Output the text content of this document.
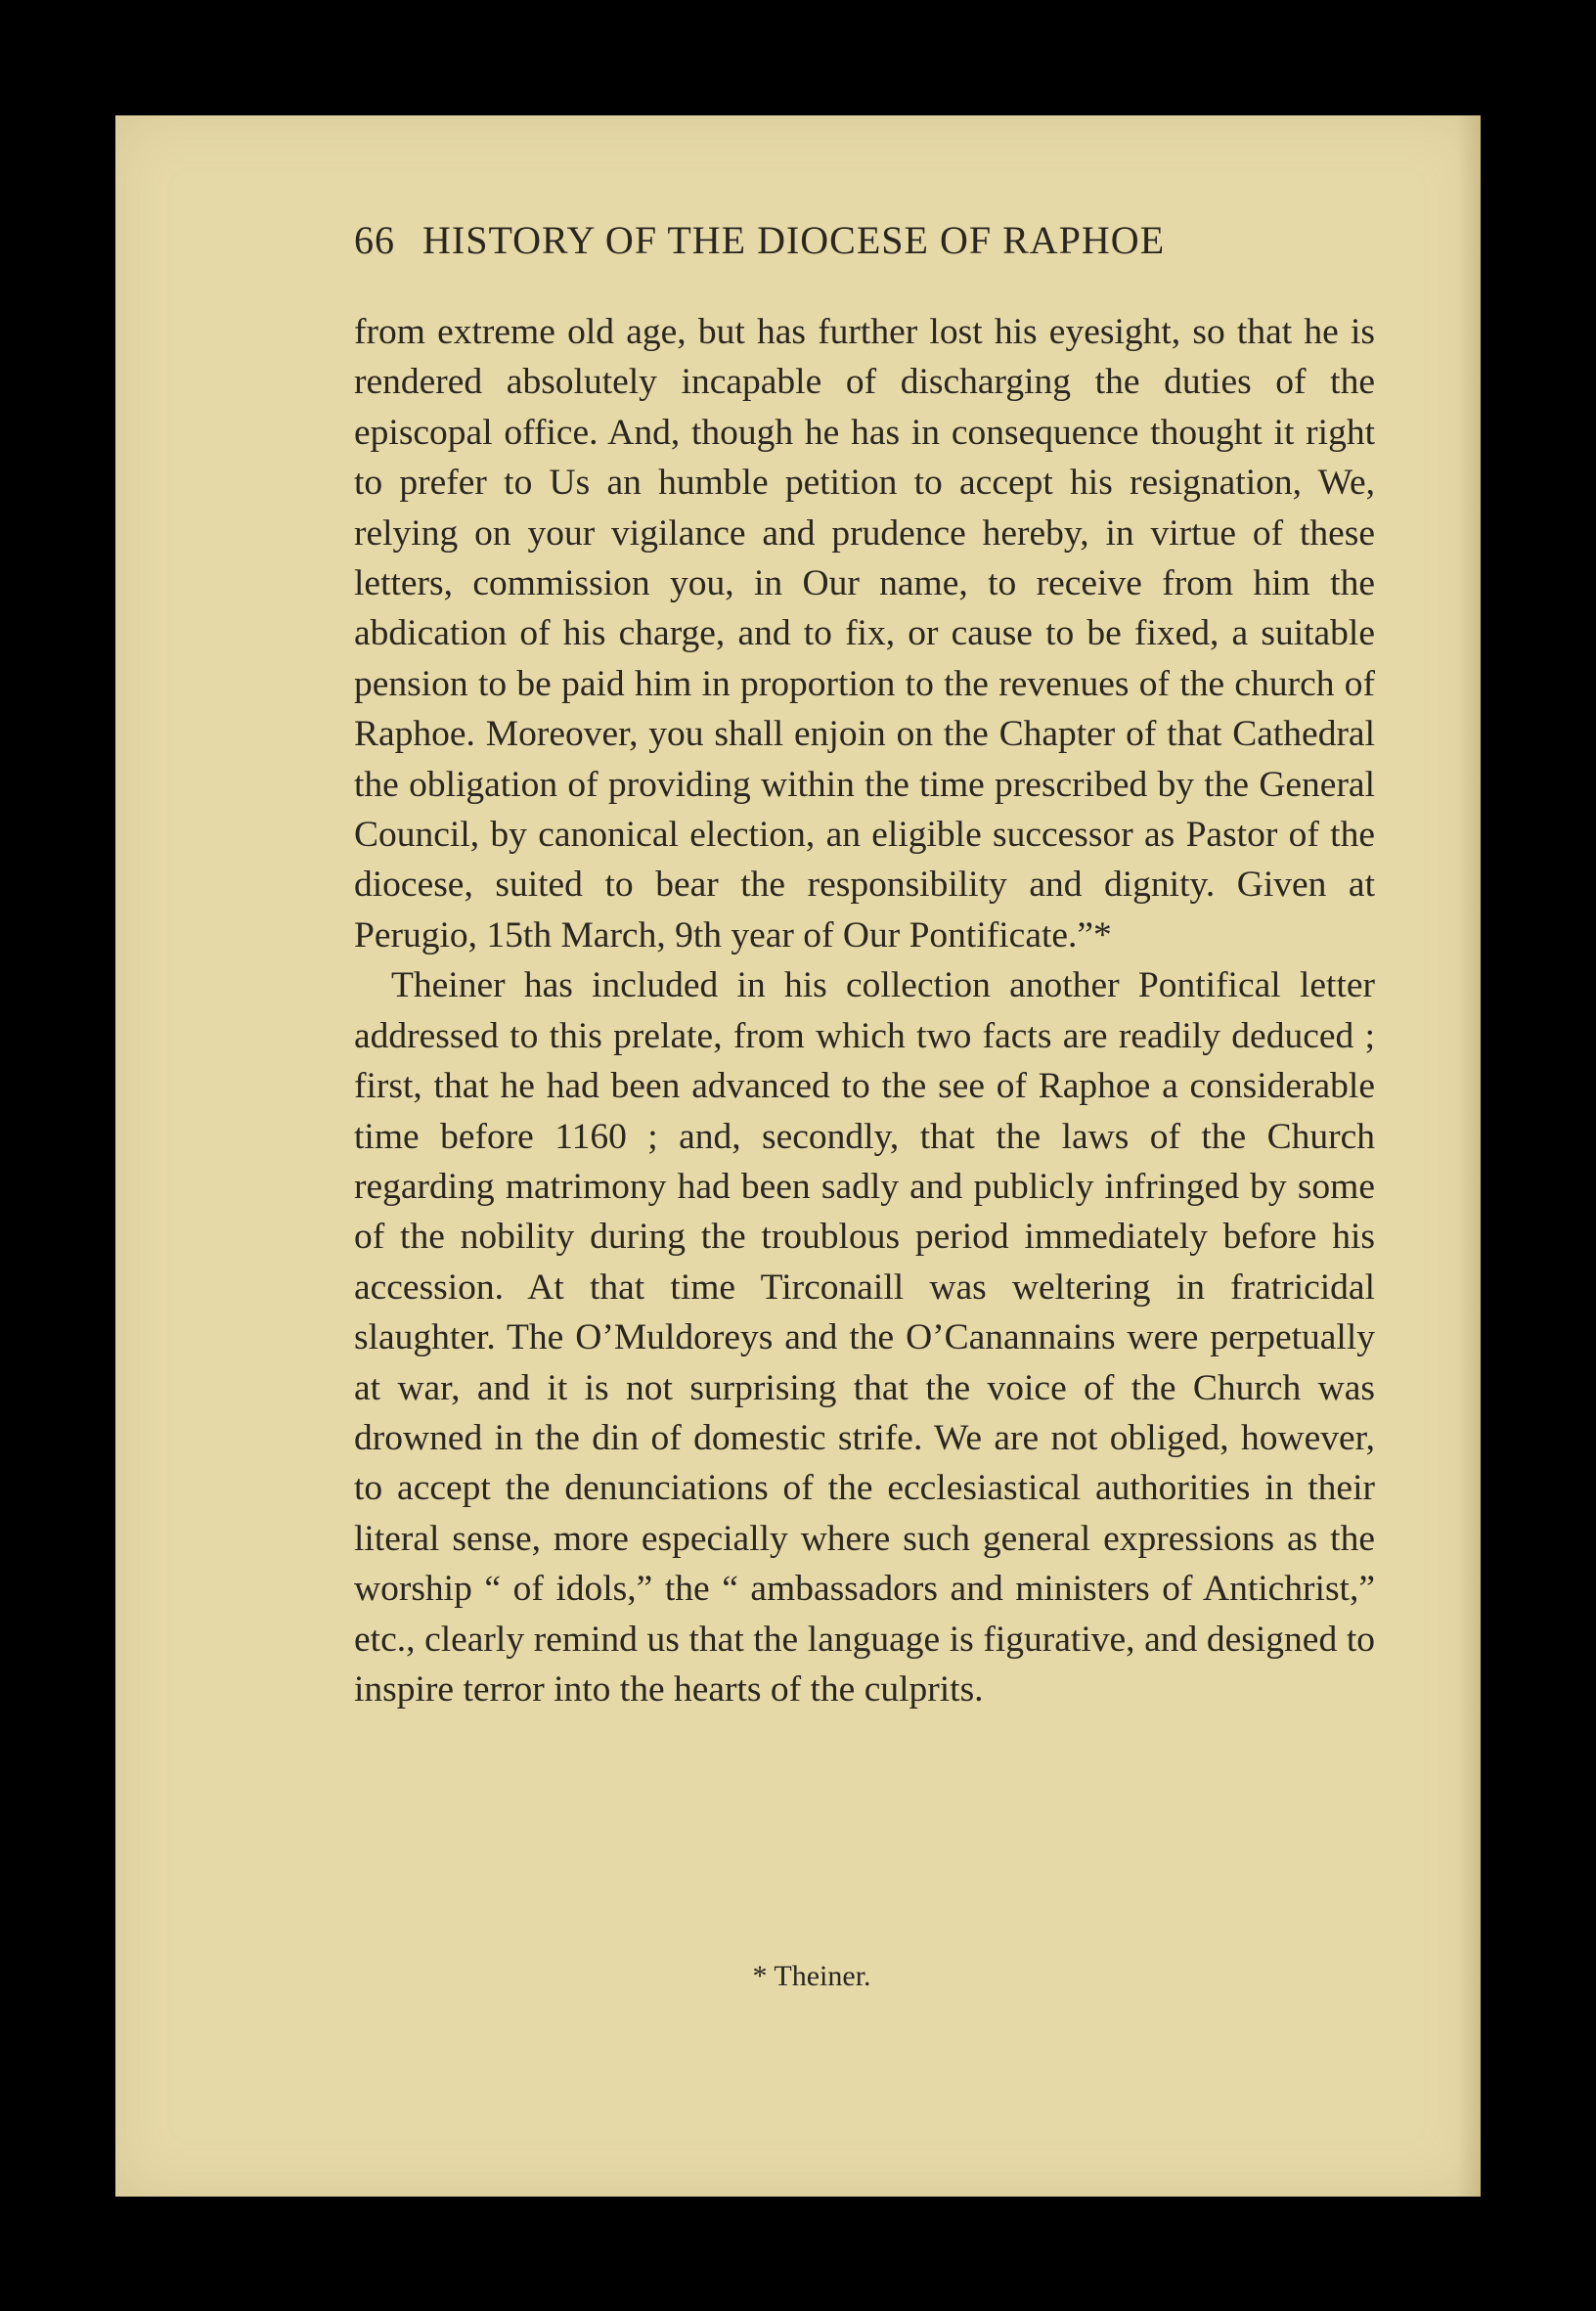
66 HISTORY OF THE DIOCESE OF RAPHOE

from extreme old age, but has further lost his eyesight, so that he is rendered absolutely incapable of discharging the duties of the episcopal office. And, though he has in consequence thought it right to prefer to Us an humble petition to accept his resignation, We, relying on your vigilance and prudence hereby, in virtue of these letters, commission you, in Our name, to receive from him the abdication of his charge, and to fix, or cause to be fixed, a suitable pension to be paid him in proportion to the revenues of the church of Raphoe. Moreover, you shall enjoin on the Chapter of that Cathedral the obligation of providing within the time prescribed by the General Council, by canonical election, an eligible successor as Pastor of the diocese, suited to bear the responsibility and dignity. Given at Perugio, 15th March, 9th year of Our Pontificate.”*

Theiner has included in his collection another Pontifical letter addressed to this prelate, from which two facts are readily deduced ; first, that he had been advanced to the see of Raphoe a considerable time before 1160 ; and, secondly, that the laws of the Church regarding matrimony had been sadly and publicly infringed by some of the nobility during the troublous period immediately before his accession. At that time Tirconaill was weltering in fratricidal slaughter. The O’Muldoreys and the O’Canannains were perpetually at war, and it is not surprising that the voice of the Church was drowned in the din of domestic strife. We are not obliged, however, to accept the denunciations of the ecclesiastical authorities in their literal sense, more especially where such general expressions as the worship “ of idols,” the “ ambassadors and ministers of Antichrist,” etc., clearly remind us that the language is figurative, and designed to inspire terror into the hearts of the culprits.

* Theiner.
